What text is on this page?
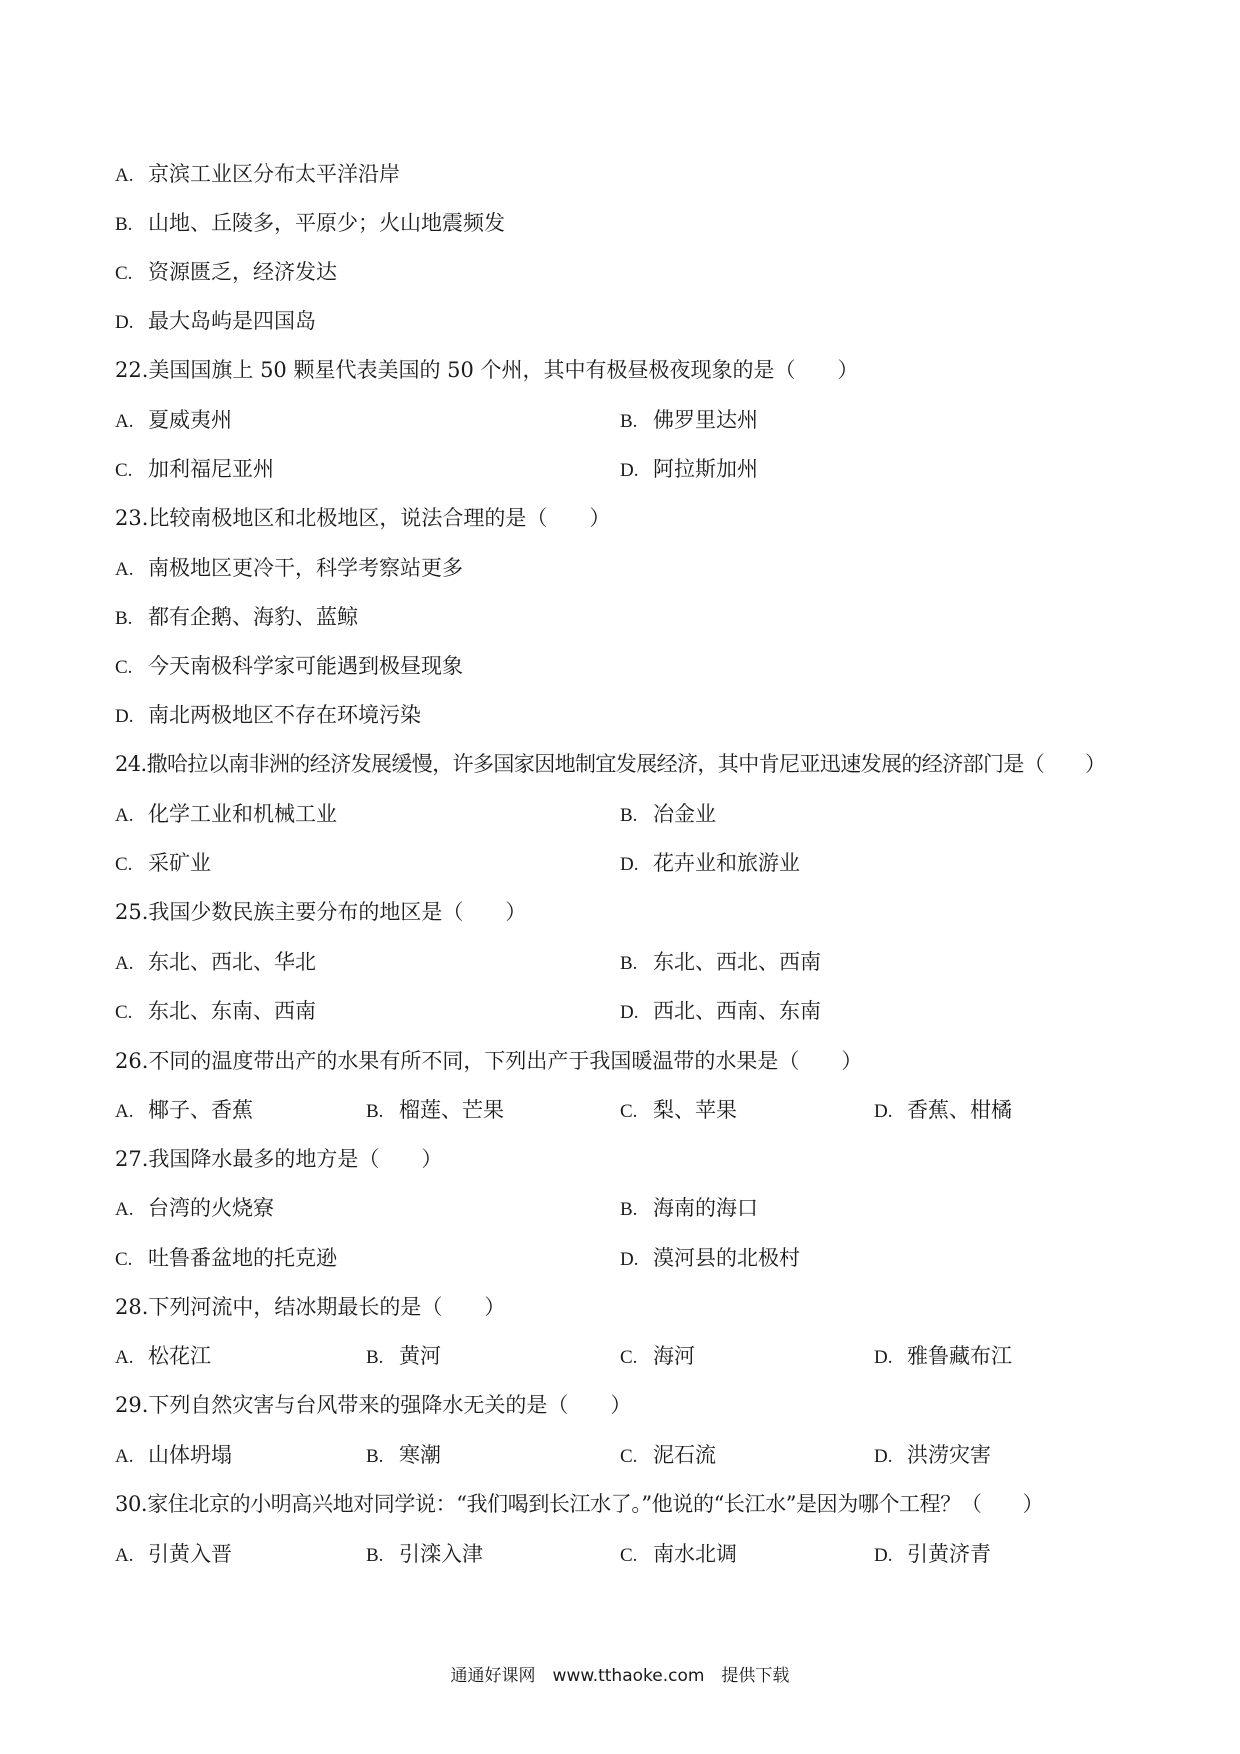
A. 京滨工业区分布太平洋沿岸
B. 山地、丘陵多，平原少；火山地震频发
C. 资源匮乏，经济发达
D. 最大岛屿是四国岛
22.美国国旗上 50 颗星代表美国的 50 个州，其中有极昼极夜现象的是（　　）
A. 夏威夷州	B. 佛罗里达州
C. 加利福尼亚州	D. 阿拉斯加州
23.比较南极地区和北极地区，说法合理的是（　　）
A. 南极地区更冷干，科学考察站更多
B. 都有企鹅、海豹、蓝鲸
C. 今天南极科学家可能遇到极昼现象
D. 南北两极地区不存在环境污染
24.撒哈拉以南非洲的经济发展缓慢，许多国家因地制宜发展经济，其中肯尼亚迅速发展的经济部门是（　　）
A. 化学工业和机械工业	B. 冶金业
C. 采矿业	D. 花卉业和旅游业
25.我国少数民族主要分布的地区是（　　）
A. 东北、西北、华北	B. 东北、西北、西南
C. 东北、东南、西南	D. 西北、西南、东南
26.不同的温度带出产的水果有所不同，下列出产于我国暖温带的水果是（　　）
A. 椰子、香蕉	B. 榴莲、芒果	C. 梨、苹果	D. 香蕉、柑橘
27.我国降水最多的地方是（　　）
A. 台湾的火烧寮	B. 海南的海口
C. 吐鲁番盆地的托克逊	D. 漠河县的北极村
28.下列河流中，结冰期最长的是（　　）
A. 松花江	B. 黄河	C. 海河	D. 雅鲁藏布江
29.下列自然灾害与台风带来的强降水无关的是（　　）
A. 山体坍塌	B. 寒潮	C. 泥石流	D. 洪涝灾害
30.家住北京的小明高兴地对同学说：“我们喝到长江水了。”他说的“长江水”是因为哪个工程？（　　）
A. 引黄入晋	B. 引滦入津	C. 南水北调	D. 引黄济青
通通好课网　www.tthaoke.com　提供下载
